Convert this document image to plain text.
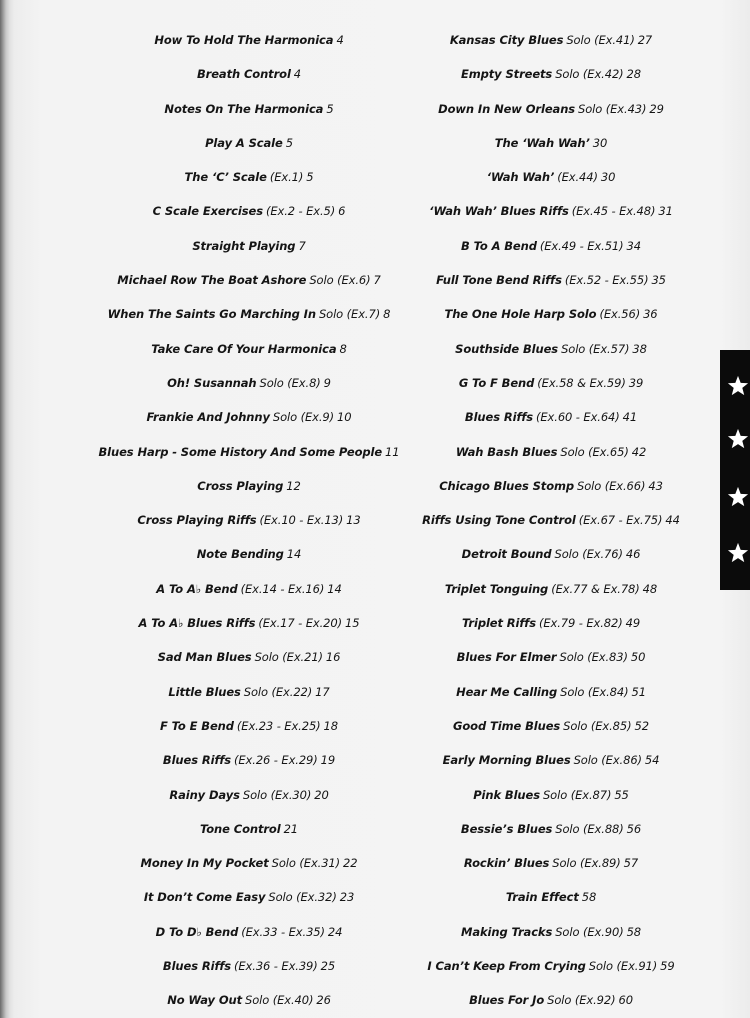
How To Hold The Harmonica 4
Breath Control 4
Notes On The Harmonica 5
Play A Scale 5
The ‘C’ Scale (Ex.1) 5
C Scale Exercises (Ex.2 - Ex.5) 6
Straight Playing 7
Michael Row The Boat Ashore Solo (Ex.6) 7
When The Saints Go Marching In Solo (Ex.7) 8
Take Care Of Your Harmonica 8
Oh! Susannah Solo (Ex.8) 9
Frankie And Johnny Solo (Ex.9) 10
Blues Harp - Some History And Some People 11
Cross Playing 12
Cross Playing Riffs (Ex.10 - Ex.13) 13
Note Bending 14
A To A♭ Bend (Ex.14 - Ex.16) 14
A To A♭ Blues Riffs (Ex.17 - Ex.20) 15
Sad Man Blues Solo (Ex.21) 16
Little Blues Solo (Ex.22) 17
F To E Bend (Ex.23 - Ex.25) 18
Blues Riffs (Ex.26 - Ex.29) 19
Rainy Days Solo (Ex.30) 20
Tone Control 21
Money In My Pocket Solo (Ex.31) 22
It Don’t Come Easy Solo (Ex.32) 23
D To D♭ Bend (Ex.33 - Ex.35) 24
Blues Riffs (Ex.36 - Ex.39) 25
No Way Out Solo (Ex.40) 26
Kansas City Blues Solo (Ex.41) 27
Empty Streets Solo (Ex.42) 28
Down In New Orleans Solo (Ex.43) 29
The ‘Wah Wah’ 30
‘Wah Wah’ (Ex.44) 30
‘Wah Wah’ Blues Riffs (Ex.45 - Ex.48) 31
B To A Bend (Ex.49 - Ex.51) 34
Full Tone Bend Riffs (Ex.52 - Ex.55) 35
The One Hole Harp Solo (Ex.56) 36
Southside Blues Solo (Ex.57) 38
G To F Bend (Ex.58 & Ex.59) 39
Blues Riffs (Ex.60 - Ex.64) 41
Wah Bash Blues Solo (Ex.65) 42
Chicago Blues Stomp Solo (Ex.66) 43
Riffs Using Tone Control (Ex.67 - Ex.75) 44
Detroit Bound Solo (Ex.76) 46
Triplet Tonguing (Ex.77 & Ex.78) 48
Triplet Riffs (Ex.79 - Ex.82) 49
Blues For Elmer Solo (Ex.83) 50
Hear Me Calling Solo (Ex.84) 51
Good Time Blues Solo (Ex.85) 52
Early Morning Blues Solo (Ex.86) 54
Pink Blues Solo (Ex.87) 55
Bessie’s Blues Solo (Ex.88) 56
Rockin’ Blues Solo (Ex.89) 57
Train Effect 58
Making Tracks Solo (Ex.90) 58
I Can’t Keep From Crying Solo (Ex.91) 59
Blues For Jo Solo (Ex.92) 60
